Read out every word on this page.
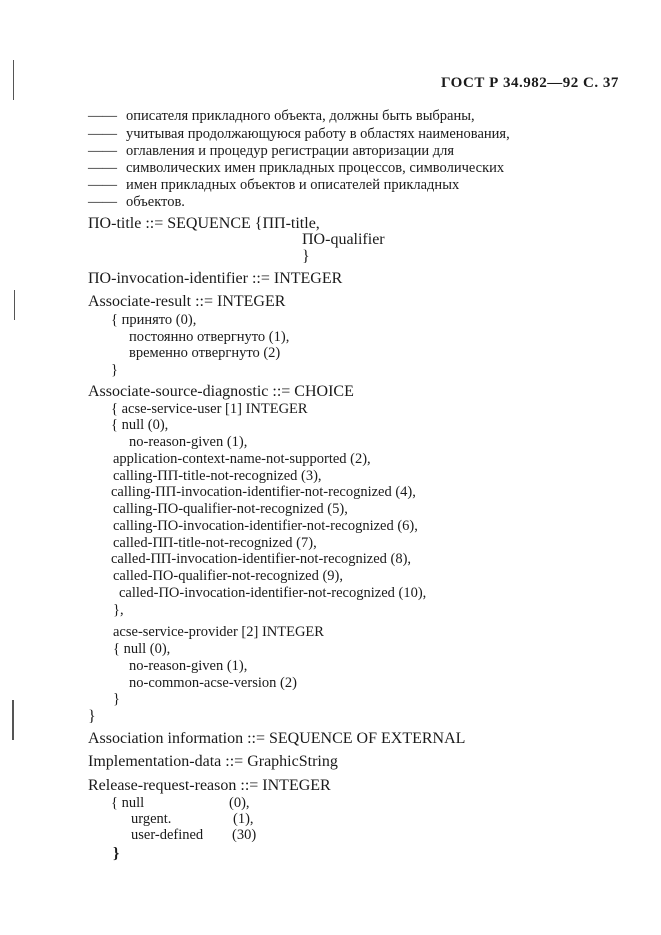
ГОСТ Р 34.982—92 С. 37
—— описателя прикладного объекта, должны быть выбраны,
—— учитывая продолжающуюся работу в областях наименования,
—— оглавления и процедур регистрации авторизации для
—— символических имен прикладных процессов, символических
—— имен прикладных объектов и описателей прикладных
—— объектов.
ПО-title ::= SEQUENCE {ПП-title,
ПО-qualifier
}
ПО-invocation-identifier ::= INTEGER
Associate-result ::= INTEGER
{ принято (0),
постоянно отвергнуто (1),
временно отвергнуто (2)
}
Associate-source-diagnostic ::= CHOICE
{ acse-service-user [1] INTEGER
{ null (0),
no-reason-given (1),
application-context-name-not-supported (2),
calling-ПП-title-not-recognized (3),
calling-ПП-invocation-identifier-not-recognized (4),
calling-ПО-qualifier-not-recognized (5),
calling-ПО-invocation-identifier-not-recognized (6),
called-ПП-title-not-recognized (7),
called-ПП-invocation-identifier-not-recognized (8),
called-ПО-qualifier-not-recognized (9),
called-ПО-invocation-identifier-not-recognized (10),
},
acse-service-provider [2] INTEGER
{ null (0),
no-reason-given (1),
no-common-acse-version (2)
}
}
Association information ::= SEQUENCE OF EXTERNAL
Implementation-data ::= GraphicString
Release-request-reason ::= INTEGER
{ null	(0),
urgent.	(1),
user-defined (30)
}
